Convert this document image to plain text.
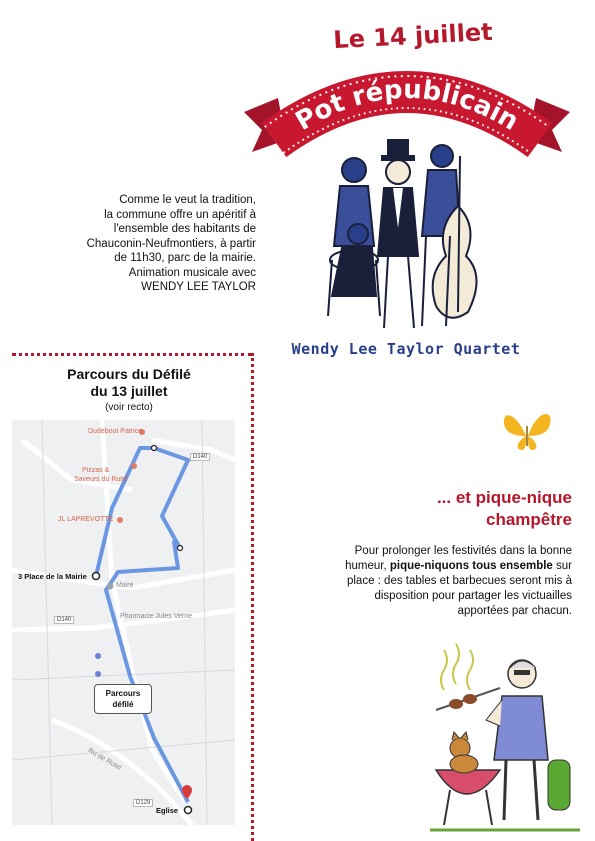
Le 14 juillet
Pot républicain
Comme le veut la tradition,
la commune offre un apéritif à
l'ensemble des habitants de
Chauconin-Neufmontiers, à partir
de 11h30, parc de la mairie.
Animation musicale avec
WENDY LEE TAYLOR
Wendy Lee Taylor Quartet
Parcours du Défilé
du 13 juillet
(voir recto)
Dudebout Patrice
Pizzas &
Saveurs du Rutel
JL LAPREVOTTE
Maire
Pharmacie Jules Verne
Ru de Rutel
D140
D140
D129
3 Place de la Mairie
Eglise
Parcours
défilé
... et pique-nique
champêtre
Pour prolonger les festivités dans la bonne humeur, pique-niquons tous ensemble sur place : des tables et barbecues seront mis à disposition pour partager les victuailles apportées par chacun.
